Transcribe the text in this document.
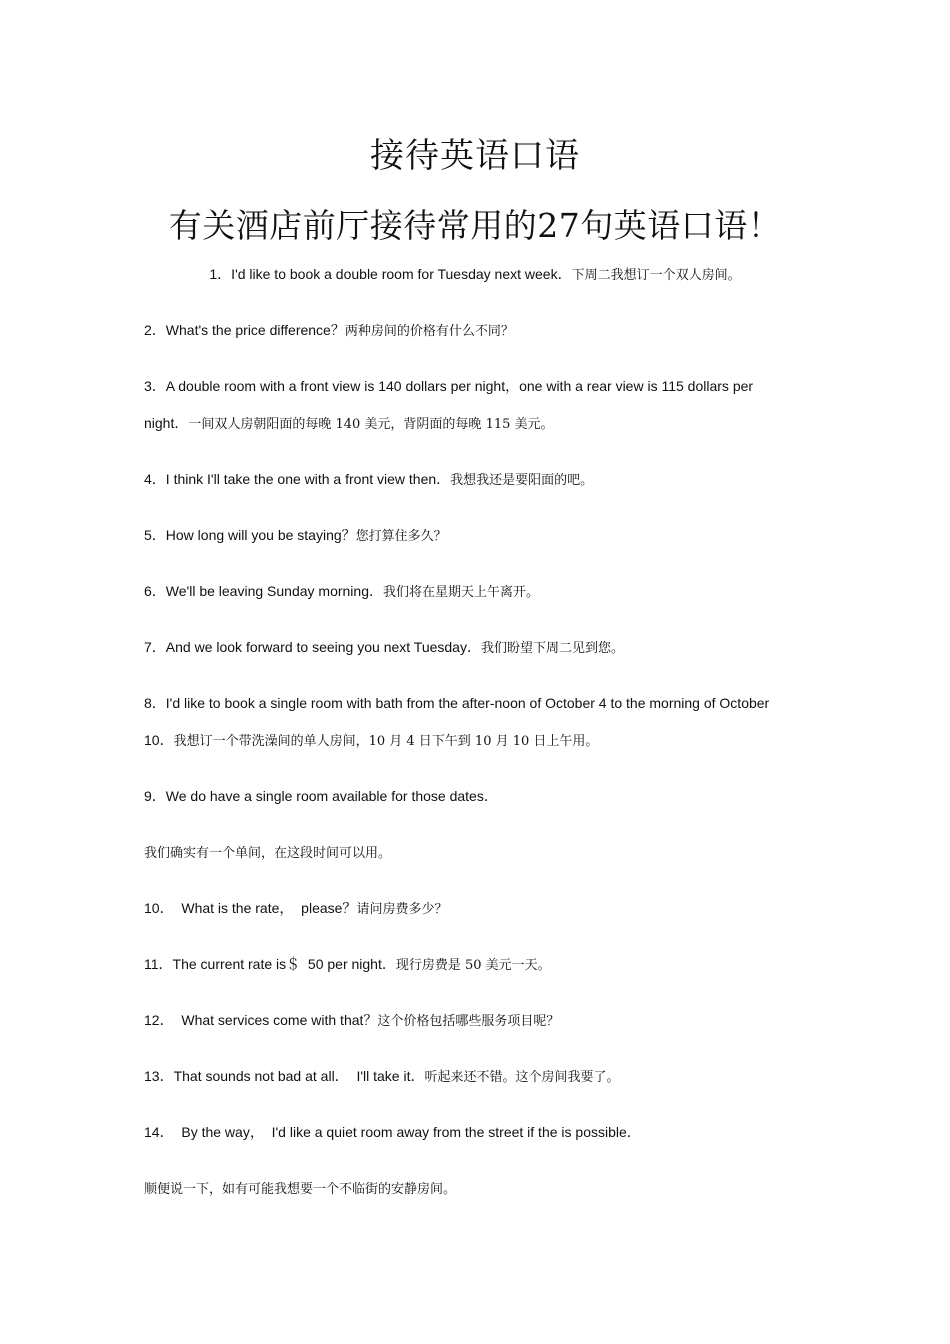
接待英语口语
有关酒店前厅接待常用的27句英语口语！
1．I'd like to book a double room for Tuesday next week．下周二我想订一个双人房间。
2．What's the price difference？两种房间的价格有什么不同？
3．A double room with a front view is 140 dollars per night，one with a rear view is 115 dollars per
night．一间双人房朝阳面的每晚 140 美元，背阴面的每晚 115 美元。
4．I think I'll take the one with a front view then．我想我还是要阳面的吧。
5．How long will you be staying？您打算住多久？
6．We'll be leaving Sunday morning．我们将在星期天上午离开。
7．And we look forward to seeing you next Tuesday．我们盼望下周二见到您。
8．I'd like to book a single room with bath from the after-noon of October 4 to the morning of October
10．我想订一个带洗澡间的单人房间，10 月 4 日下午到 10 月 10 日上午用。
9．We do have a single room available for those dates．
我们确实有一个单间，在这段时间可以用。
10．  What is the rate，  please？请问房费多少？
11．The current rate is＄  50 per night．现行房费是 50 美元一天。
12．  What services come with that？这个价格包括哪些服务项目呢？
13．That sounds not bad at all．  I'll take it．听起来还不错。这个房间我要了。
14．  By the way，  I'd like a quiet room away from the street if the is possible．
顺便说一下，如有可能我想要一个不临街的安静房间。
